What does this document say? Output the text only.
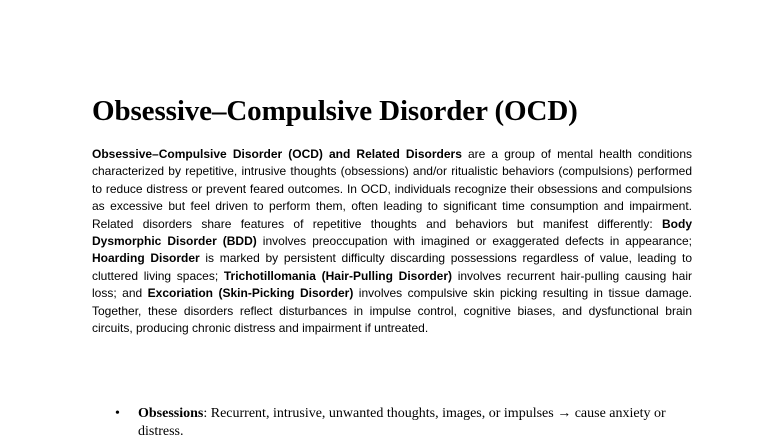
Obsessive–Compulsive Disorder (OCD)

Obsessive–Compulsive Disorder (OCD) and Related Disorders are a group of mental health conditions characterized by repetitive, intrusive thoughts (obsessions) and/or ritualistic behaviors (compulsions) performed to reduce distress or prevent feared outcomes. In OCD, individuals recognize their obsessions and compulsions as excessive but feel driven to perform them, often leading to significant time consumption and impairment. Related disorders share features of repetitive thoughts and behaviors but manifest differently: Body Dysmorphic Disorder (BDD) involves preoccupation with imagined or exaggerated defects in appearance; Hoarding Disorder is marked by persistent difficulty discarding possessions regardless of value, leading to cluttered living spaces; Trichotillomania (Hair-Pulling Disorder) involves recurrent hair-pulling causing hair loss; and Excoriation (Skin-Picking Disorder) involves compulsive skin picking resulting in tissue damage. Together, these disorders reflect disturbances in impulse control, cognitive biases, and dysfunctional brain circuits, producing chronic distress and impairment if untreated.

• Obsessions: Recurrent, intrusive, unwanted thoughts, images, or impulses → cause anxiety or distress.
